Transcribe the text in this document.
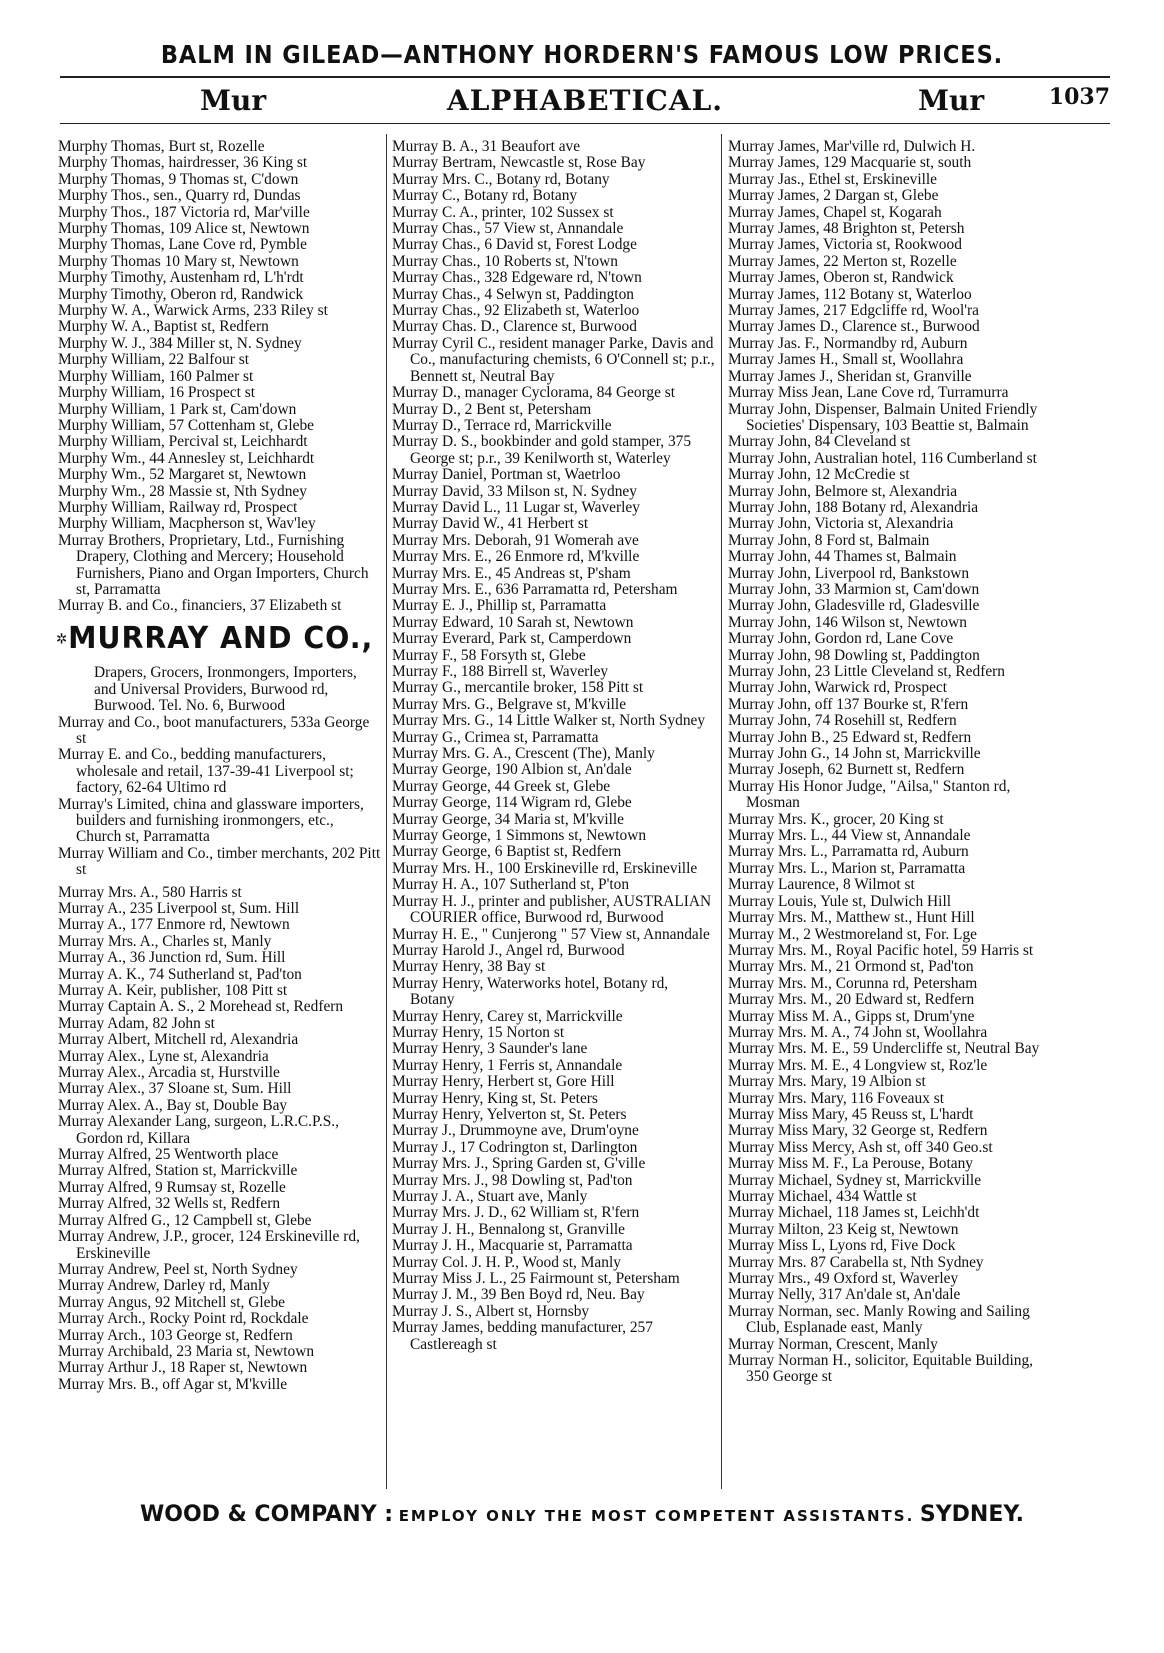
BALM IN GILEAD—ANTHONY HORDERN'S FAMOUS LOW PRICES.
Mur	ALPHABETICAL.	Mur	1037

Murphy Thomas, Burt st, Rozelle

Murphy Thomas, hairdresser, 36 King st

Murphy Thomas, 9 Thomas st, C'down

Murphy Thos., sen., Quarry rd, Dundas

Murphy Thos., 187 Victoria rd, Mar'ville

Murphy Thomas, 109 Alice st, Newtown

Murphy Thomas, Lane Cove rd, Pymble

Murphy Thomas 10 Mary st, Newtown

Murphy Timothy, Austenham rd, L'h'rdt

Murphy Timothy, Oberon rd, Randwick

Murphy W. A., Warwick Arms, 233 Riley st

Murphy W. A., Baptist st, Redfern

Murphy W. J., 384 Miller st, N. Sydney

Murphy William, 22 Balfour st

Murphy William, 160 Palmer st

Murphy William, 16 Prospect st

Murphy William, 1 Park st, Cam'down

Murphy William, 57 Cottenham st, Glebe

Murphy William, Percival st, Leichhardt

Murphy Wm., 44 Annesley st, Leichhardt

Murphy Wm., 52 Margaret st, Newtown

Murphy Wm., 28 Massie st, Nth Sydney

Murphy William, Railway rd, Prospect

Murphy William, Macpherson st, Wav'ley

Murray Brothers, Proprietary, Ltd., Furnishing Drapery, Clothing and Mercery; Household Furnishers, Piano and Organ Importers, Church st, Parramatta

Murray B. and Co., financiers, 37 Elizabeth st

✲MURRAY AND CO.,

Drapers, Grocers, Ironmongers, Importers, and Universal Providers, Burwood rd, Burwood. Tel. No. 6, Burwood

Murray and Co., boot manufacturers, 533a George st

Murray E. and Co., bedding manufacturers, wholesale and retail, 137-39-41 Liverpool st; factory, 62-64 Ultimo rd

Murray's Limited, china and glassware importers, builders and furnishing ironmongers, etc., Church st, Parramatta

Murray William and Co., timber merchants, 202 Pitt st

Murray Mrs. A., 580 Harris st

Murray A., 235 Liverpool st, Sum. Hill

Murray A., 177 Enmore rd, Newtown

Murray Mrs. A., Charles st, Manly

Murray A., 36 Junction rd, Sum. Hill

Murray A. K., 74 Sutherland st, Pad'ton

Murray A. Keir, publisher, 108 Pitt st

Murray Captain A. S., 2 Morehead st, Redfern

Murray Adam, 82 John st

Murray Albert, Mitchell rd, Alexandria

Murray Alex., Lyne st, Alexandria

Murray Alex., Arcadia st, Hurstville

Murray Alex., 37 Sloane st, Sum. Hill

Murray Alex. A., Bay st, Double Bay

Murray Alexander Lang, surgeon, L.R.C.P.S., Gordon rd, Killara

Murray Alfred, 25 Wentworth place

Murray Alfred, Station st, Marrickville

Murray Alfred, 9 Rumsay st, Rozelle

Murray Alfred, 32 Wells st, Redfern

Murray Alfred G., 12 Campbell st, Glebe

Murray Andrew, J.P., grocer, 124 Erskineville rd, Erskineville

Murray Andrew, Peel st, North Sydney

Murray Andrew, Darley rd, Manly

Murray Angus, 92 Mitchell st, Glebe

Murray Arch., Rocky Point rd, Rockdale

Murray Arch., 103 George st, Redfern

Murray Archibald, 23 Maria st, Newtown

Murray Arthur J., 18 Raper st, Newtown

Murray Mrs. B., off Agar st, M'kville

Murray B. A., 31 Beaufort ave

Murray Bertram, Newcastle st, Rose Bay

Murray Mrs. C., Botany rd, Botany

Murray C., Botany rd, Botany

Murray C. A., printer, 102 Sussex st

Murray Chas., 57 View st, Annandale

Murray Chas., 6 David st, Forest Lodge

Murray Chas., 10 Roberts st, N'town

Murray Chas., 328 Edgeware rd, N'town

Murray Chas., 4 Selwyn st, Paddington

Murray Chas., 92 Elizabeth st, Waterloo

Murray Chas. D., Clarence st, Burwood

Murray Cyril C., resident manager Parke, Davis and Co., manufacturing chemists, 6 O'Connell st; p.r., Bennett st, Neutral Bay

Murray D., manager Cyclorama, 84 George st

Murray D., 2 Bent st, Petersham

Murray D., Terrace rd, Marrickville

Murray D. S., bookbinder and gold stamper, 375 George st; p.r., 39 Kenilworth st, Waterley

Murray Daniel, Portman st, Waetrloo

Murray David, 33 Milson st, N. Sydney

Murray David L., 11 Lugar st, Waverley

Murray David W., 41 Herbert st

Murray Mrs. Deborah, 91 Womerah ave

Murray Mrs. E., 26 Enmore rd, M'kville

Murray Mrs. E., 45 Andreas st, P'sham

Murray Mrs. E., 636 Parramatta rd, Petersham

Murray E. J., Phillip st, Parramatta

Murray Edward, 10 Sarah st, Newtown

Murray Everard, Park st, Camperdown

Murray F., 58 Forsyth st, Glebe

Murray F., 188 Birrell st, Waverley

Murray G., mercantile broker, 158 Pitt st

Murray Mrs. G., Belgrave st, M'kville

Murray Mrs. G., 14 Little Walker st, North Sydney

Murray G., Crimea st, Parramatta

Murray Mrs. G. A., Crescent (The), Manly

Murray George, 190 Albion st, An'dale

Murray George, 44 Greek st, Glebe

Murray George, 114 Wigram rd, Glebe

Murray George, 34 Maria st, M'kville

Murray George, 1 Simmons st, Newtown

Murray George, 6 Baptist st, Redfern

Murray Mrs. H., 100 Erskineville rd, Erskineville

Murray H. A., 107 Sutherland st, P'ton

Murray H. J., printer and publisher, AUSTRALIAN COURIER office, Burwood rd, Burwood

Murray H. E., " Cunjerong " 57 View st, Annandale

Murray Harold J., Angel rd, Burwood

Murray Henry, 38 Bay st

Murray Henry, Waterworks hotel, Botany rd, Botany

Murray Henry, Carey st, Marrickville

Murray Henry, 15 Norton st

Murray Henry, 3 Saunder's lane

Murray Henry, 1 Ferris st, Annandale

Murray Henry, Herbert st, Gore Hill

Murray Henry, King st, St. Peters

Murray Henry, Yelverton st, St. Peters

Murray J., Drummoyne ave, Drum'oyne

Murray J., 17 Codrington st, Darlington

Murray Mrs. J., Spring Garden st, G'ville

Murray Mrs. J., 98 Dowling st, Pad'ton

Murray J. A., Stuart ave, Manly

Murray Mrs. J. D., 62 William st, R'fern

Murray J. H., Bennalong st, Granville

Murray J. H., Macquarie st, Parramatta

Murray Col. J. H. P., Wood st, Manly

Murray Miss J. L., 25 Fairmount st, Petersham

Murray J. M., 39 Ben Boyd rd, Neu. Bay

Murray J. S., Albert st, Hornsby

Murray James, bedding manufacturer, 257 Castlereagh st

Murray James, Mar'ville rd, Dulwich H.

Murray James, 129 Macquarie st, south

Murray Jas., Ethel st, Erskineville

Murray James, 2 Dargan st, Glebe

Murray James, Chapel st, Kogarah

Murray James, 48 Brighton st, Petersh

Murray James, Victoria st, Rookwood

Murray James, 22 Merton st, Rozelle

Murray James, Oberon st, Randwick

Murray James, 112 Botany st, Waterloo

Murray James, 217 Edgcliffe rd, Wool'ra

Murray James D., Clarence st., Burwood

Murray Jas. F., Normandby rd, Auburn

Murray James H., Small st, Woollahra

Murray James J., Sheridan st, Granville

Murray Miss Jean, Lane Cove rd, Turramurra

Murray John, Dispenser, Balmain United Friendly Societies' Dispensary, 103 Beattie st, Balmain

Murray John, 84 Cleveland st

Murray John, Australian hotel, 116 Cumberland st

Murray John, 12 McCredie st

Murray John, Belmore st, Alexandria

Murray John, 188 Botany rd, Alexandria

Murray John, Victoria st, Alexandria

Murray John, 8 Ford st, Balmain

Murray John, 44 Thames st, Balmain

Murray John, Liverpool rd, Bankstown

Murray John, 33 Marmion st, Cam'down

Murray John, Gladesville rd, Gladesville

Murray John, 146 Wilson st, Newtown

Murray John, Gordon rd, Lane Cove

Murray John, 98 Dowling st, Paddington

Murray John, 23 Little Cleveland st, Redfern

Murray John, Warwick rd, Prospect

Murray John, off 137 Bourke st, R'fern

Murray John, 74 Rosehill st, Redfern

Murray John B., 25 Edward st, Redfern

Murray John G., 14 John st, Marrickville

Murray Joseph, 62 Burnett st, Redfern

Murray His Honor Judge, "Ailsa," Stanton rd, Mosman

Murray Mrs. K., grocer, 20 King st

Murray Mrs. L., 44 View st, Annandale

Murray Mrs. L., Parramatta rd, Auburn

Murray Mrs. L., Marion st, Parramatta

Murray Laurence, 8 Wilmot st

Murray Louis, Yule st, Dulwich Hill

Murray Mrs. M., Matthew st., Hunt Hill

Murray M., 2 Westmoreland st, For. Lge

Murray Mrs. M., Royal Pacific hotel, 59 Harris st

Murray Mrs. M., 21 Ormond st, Pad'ton

Murray Mrs. M., Corunna rd, Petersham

Murray Mrs. M., 20 Edward st, Redfern

Murray Miss M. A., Gipps st, Drum'yne

Murray Mrs. M. A., 74 John st, Woollahra

Murray Mrs. M. E., 59 Undercliffe st, Neutral Bay

Murray Mrs. M. E., 4 Longview st, Roz'le

Murray Mrs. Mary, 19 Albion st

Murray Mrs. Mary, 116 Foveaux st

Murray Miss Mary, 45 Reuss st, L'hardt

Murray Miss Mary, 32 George st, Redfern

Murray Miss Mercy, Ash st, off 340 Geo.st

Murray Miss M. F., La Perouse, Botany

Murray Michael, Sydney st, Marrickville

Murray Michael, 434 Wattle st

Murray Michael, 118 James st, Leichh'dt

Murray Milton, 23 Keig st, Newtown

Murray Miss L, Lyons rd, Five Dock

Murray Mrs. 87 Carabella st, Nth Sydney

Murray Mrs., 49 Oxford st, Waverley

Murray Nelly, 317 An'dale st, An'dale

Murray Norman, sec. Manly Rowing and Sailing Club, Esplanade east, Manly

Murray Norman, Crescent, Manly

Murray Norman H., solicitor, Equitable Building, 350 George st

WOOD & COMPANY : EMPLOY ONLY THE MOST COMPETENT ASSISTANTS. SYDNEY.
